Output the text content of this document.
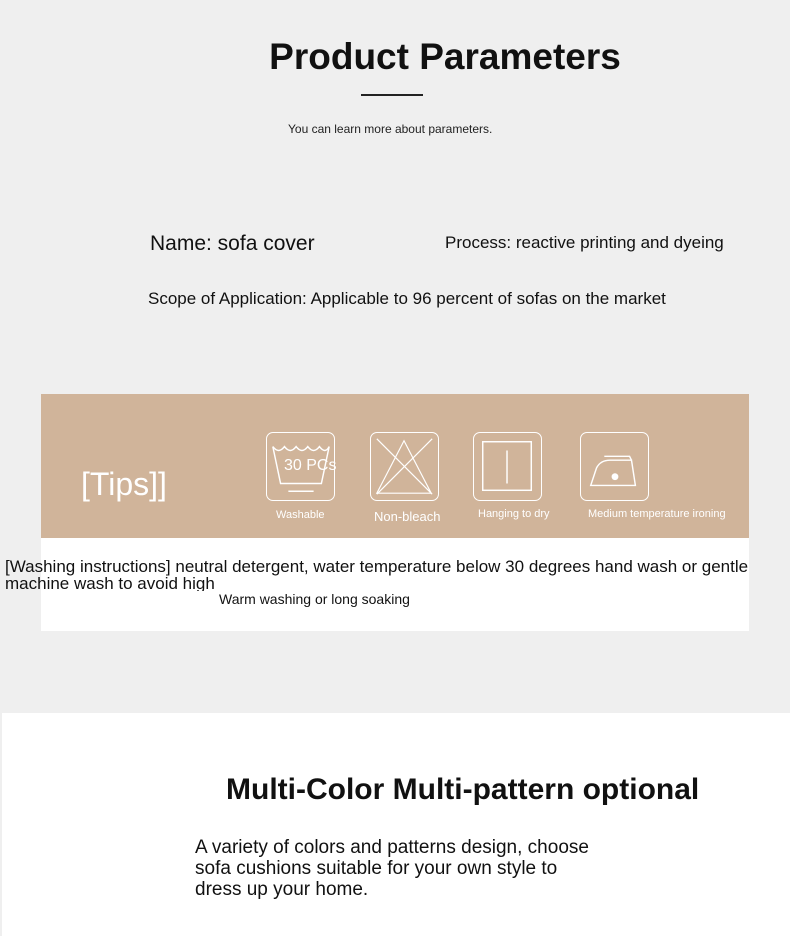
Product Parameters

You can learn more about parameters.

Name: sofa cover	Process: reactive printing and dyeing
Scope of Application: Applicable to 96 percent of sofas on the market
[Tips]]
30 PCs
Washable	Non-bleach	Hanging to dry	Medium temperature ironing
[Washing instructions] neutral detergent, water temperature below 30 degrees hand wash or gentle machine wash to avoid high
Warm washing or long soaking
Multi-Color Multi-pattern optional

A variety of colors and patterns design, choose sofa cushions suitable for your own style to dress up your home.
